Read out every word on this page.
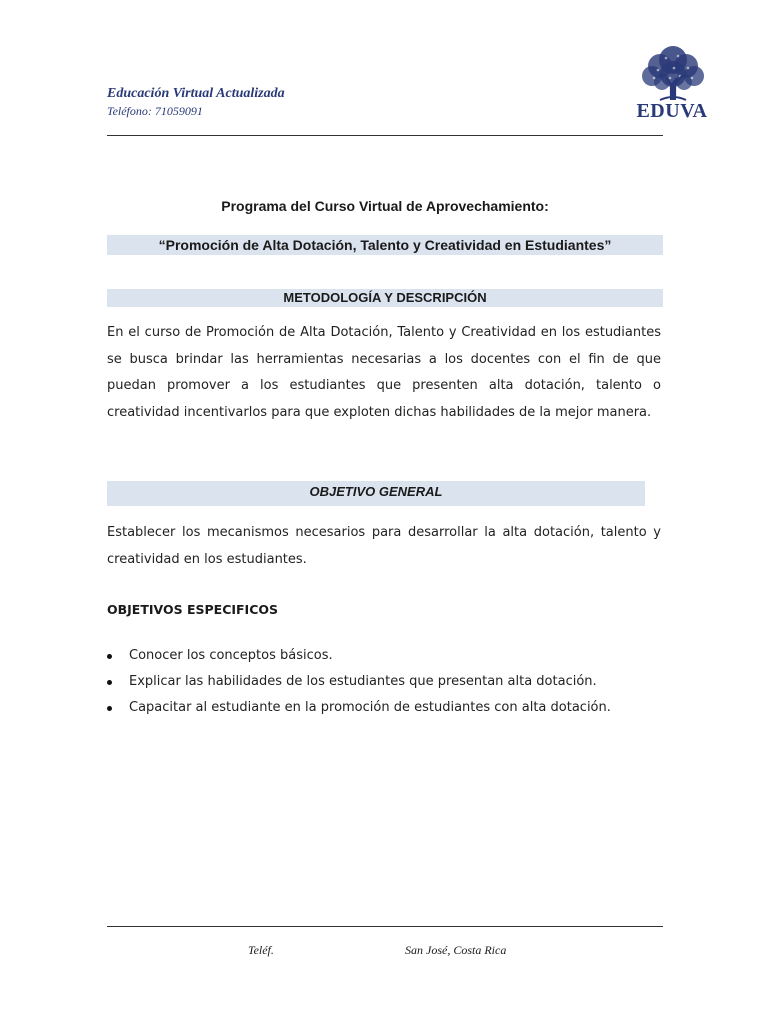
Educación Virtual Actualizada
Teléfono: 71059091	EDUVA
Programa del Curso Virtual de Aprovechamiento:
“Promoción de Alta Dotación, Talento y Creatividad en Estudiantes”
METODOLOGÍA Y DESCRIPCIÓN
En el curso de Promoción de Alta Dotación, Talento y Creatividad en los estudiantes se busca brindar las herramientas necesarias a los docentes con el fin de que puedan promover a los estudiantes que presenten alta dotación, talento o creatividad incentivarlos para que exploten dichas habilidades de la mejor manera.
OBJETIVO GENERAL
Establecer los mecanismos necesarios para desarrollar la alta dotación, talento y creatividad en los estudiantes.
OBJETIVOS ESPECIFICOS
Conocer los conceptos básicos.
Explicar las habilidades de los estudiantes que presentan alta dotación.
Capacitar al estudiante en la promoción de estudiantes con alta dotación.
Teléf.	San José, Costa Rica
